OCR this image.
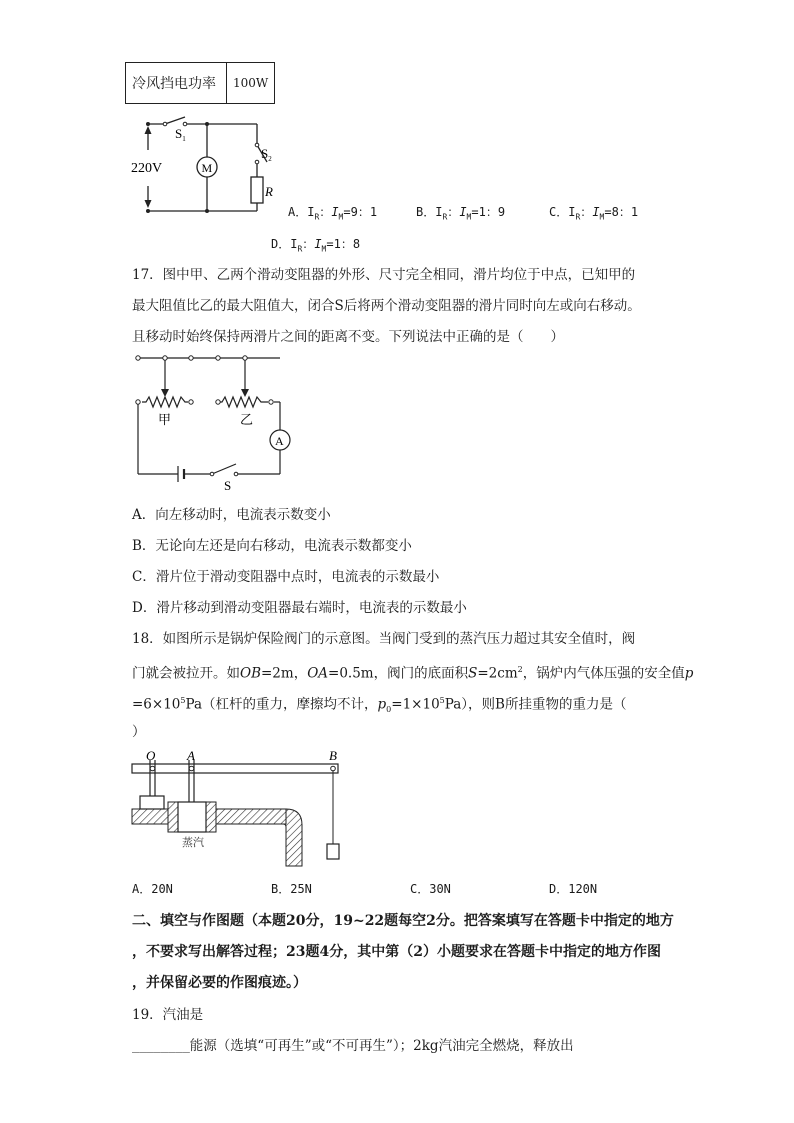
冷风挡电功率	100W
220V
$S_1$
$S_2$
M
R
A．$I_R$：$I_M=9$：1	B．$I_R$：$I_M=1$：9	C．$I_R$：$I_M=8$：1
D．$I_R$：$I_M=1$：8
17．图中甲、乙两个滑动变阻器的外形、尺寸完全相同，滑片均位于中点，已知甲的
最大阻值比乙的最大阻值大，闭合S后将两个滑动变阻器的滑片同时向左或向右移动。
且移动时始终保持两滑片之间的距离不变。下列说法中正确的是（　　）
甲	乙
A
S
A．向左移动时，电流表示数变小
B．无论向左还是向右移动，电流表示数都变小
C．滑片位于滑动变阻器中点时，电流表的示数最小
D．滑片移动到滑动变阻器最右端时，电流表的示数最小
18．如图所示是锅炉保险阀门的示意图。当阀门受到的蒸汽压力超过其安全值时，阀
门就会被拉开。如OB=2m，OA=0.5m，阀门的底面积$S=2cm^2$，锅炉内气体压强的安全值p
$=6\times 10^5Pa$（杠杆的重力，摩擦均不计，$p_0=1\times 10^5Pa$），则B所挂重物的重力是（
）
O A	B
蒸汽
A．20N	B．25N	C．30N	D．120N
二、填空与作图题（本题20分，19~22题每空2分。把答案填写在答题卡中指定的地方
，不要求写出解答过程；23题4分，其中第（2）小题要求在答题卡中指定的地方作图
，并保留必要的作图痕迹。）
19．汽油是
________能源（选填“可再生”或“不可再生”）；2kg汽油完全燃烧，释放出
